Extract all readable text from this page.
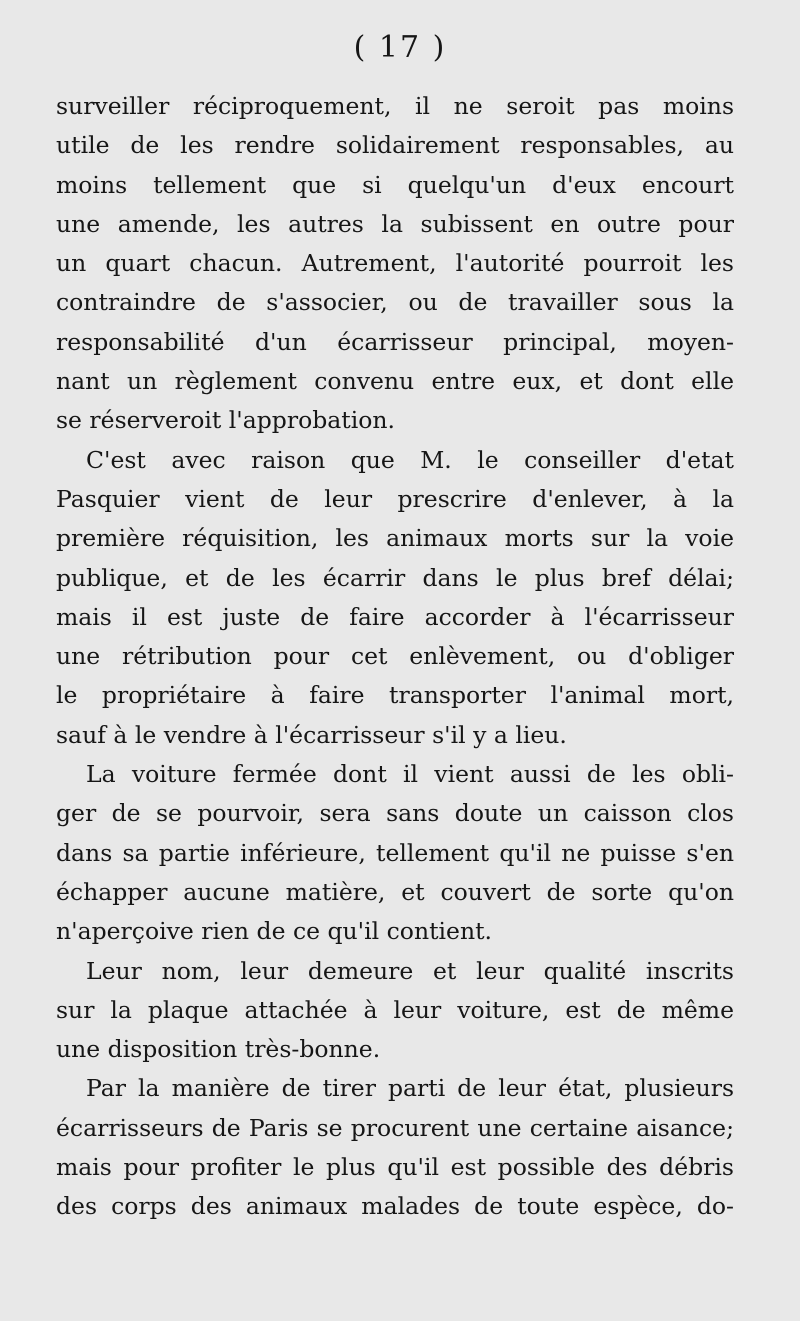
( 17 )
surveiller réciproquement, il ne seroit pas moins
utile de les rendre solidairement responsables, au
moins tellement que si quelqu'un d'eux encourt
une amende, les autres la subissent en outre pour
un quart chacun. Autrement, l'autorité pourroit les
contraindre de s'associer, ou de travailler sous la
responsabilité d'un écarrisseur principal, moyen-
nant un règlement convenu entre eux, et dont elle
se réserveroit l'approbation.
C'est avec raison que M. le conseiller d'etat
Pasquier vient de leur prescrire d'enlever, à la
première réquisition, les animaux morts sur la voie
publique, et de les écarrir dans le plus bref délai;
mais il est juste de faire accorder à l'écarrisseur
une rétribution pour cet enlèvement, ou d'obliger
le propriétaire à faire transporter l'animal mort,
sauf à le vendre à l'écarrisseur s'il y a lieu.
La voiture fermée dont il vient aussi de les obli-
ger de se pourvoir, sera sans doute un caisson clos
dans sa partie inférieure, tellement qu'il ne puisse s'en
échapper aucune matière, et couvert de sorte qu'on
n'aperçoive rien de ce qu'il contient.
Leur nom, leur demeure et leur qualité inscrits
sur la plaque attachée à leur voiture, est de même
une disposition très-bonne.
Par la manière de tirer parti de leur état, plusieurs
écarrisseurs de Paris se procurent une certaine aisance;
mais pour profiter le plus qu'il est possible des débris
des corps des animaux malades de toute espèce, do-
